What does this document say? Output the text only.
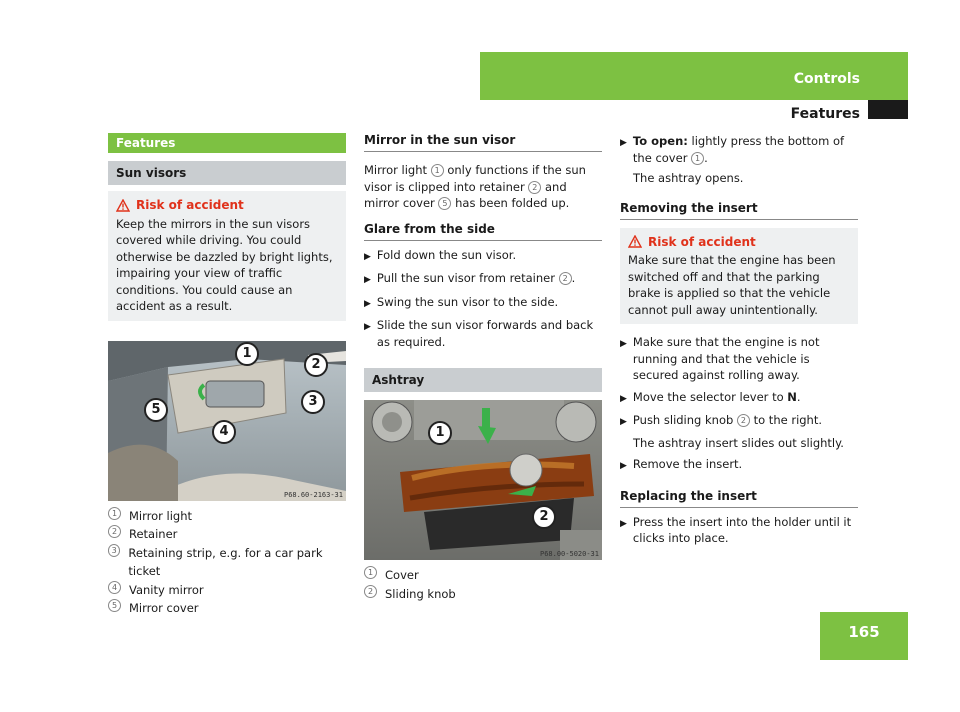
Controls
Features
165
Features
Sun visors
Risk of accident

Keep the mirrors in the sun visors covered while driving. You could otherwise be dazzled by bright lights, impairing your view of traffic conditions. You could cause an accident as a result.

1
2
3
4
5
P68.60-2163-31
1	Mirror light
2	Retainer
3	Retaining strip, e.g. for a car park ticket
4	Vanity mirror
5	Mirror cover
Mirror in the sun visor

Mirror light 1 only functions if the sun visor is clipped into retainer 2 and mirror cover 5 has been folded up.

Glare from the side
▶ Fold down the sun visor.
▶ Pull the sun visor from retainer 2 .
▶ Swing the sun visor to the side.
▶ Slide the sun visor forwards and back as required.
Ashtray
1
2
P68.00-5020-31
1	Cover
2	Sliding knob
▶ To open: lightly press the bottom of the cover 1 .
The ashtray opens.
Removing the insert
Risk of accident

Make sure that the engine has been switched off and that the parking brake is applied so that the vehicle cannot pull away unintentionally.

▶ Make sure that the engine is not running and that the vehicle is secured against rolling away.
▶ Move the selector lever to N.
▶ Push sliding knob 2 to the right.
The ashtray insert slides out slightly.
▶ Remove the insert.
Replacing the insert
▶ Press the insert into the holder until it clicks into place.
